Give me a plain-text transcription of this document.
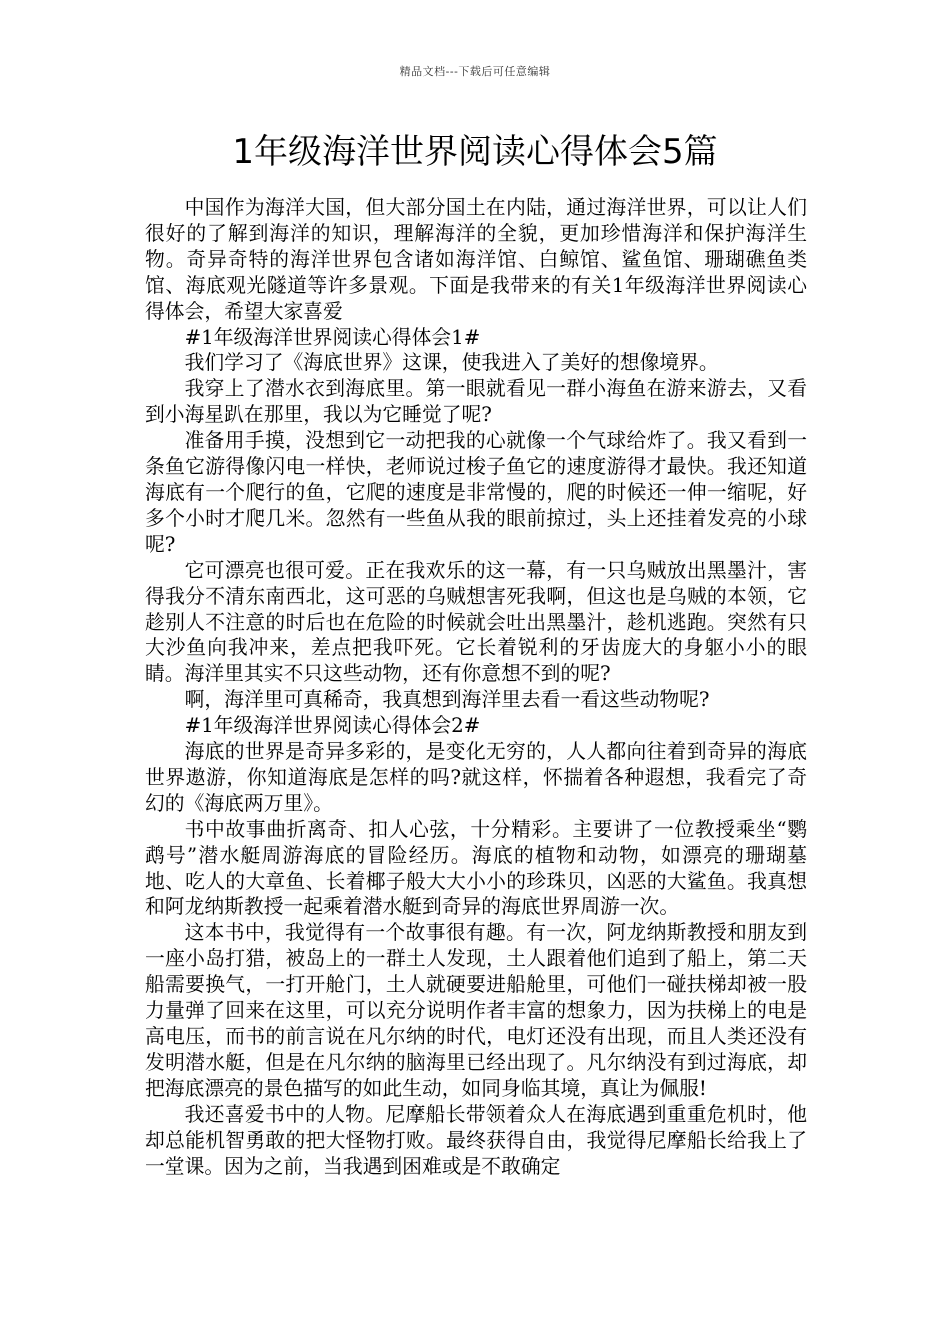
精品文档---下载后可任意编辑
1年级海洋世界阅读心得体会5篇

中国作为海洋大国，但大部分国土在内陆，通过海洋世界，可以让人们很好的了解到海洋的知识，理解海洋的全貌，更加珍惜海洋和保护海洋生物。奇异奇特的海洋世界包含诸如海洋馆、白鲸馆、鲨鱼馆、珊瑚礁鱼类馆、海底观光隧道等许多景观。下面是我带来的有关1年级海洋世界阅读心得体会，希望大家喜爱

#1年级海洋世界阅读心得体会1#

我们学习了《海底世界》这课，使我进入了美好的想像境界。

我穿上了潜水衣到海底里。第一眼就看见一群小海鱼在游来游去，又看到小海星趴在那里，我以为它睡觉了呢?

准备用手摸，没想到它一动把我的心就像一个气球给炸了。我又看到一条鱼它游得像闪电一样快，老师说过梭子鱼它的速度游得才最快。我还知道海底有一个爬行的鱼，它爬的速度是非常慢的，爬的时候还一伸一缩呢，好多个小时才爬几米。忽然有一些鱼从我的眼前掠过，头上还挂着发亮的小球呢?

它可漂亮也很可爱。正在我欢乐的这一幕，有一只乌贼放出黑墨汁，害得我分不清东南西北，这可恶的乌贼想害死我啊，但这也是乌贼的本领，它趁别人不注意的时后也在危险的时候就会吐出黑墨汁，趁机逃跑。突然有只大沙鱼向我冲来，差点把我吓死。它长着锐利的牙齿庞大的身躯小小的眼睛。海洋里其实不只这些动物，还有你意想不到的呢?

啊，海洋里可真稀奇，我真想到海洋里去看一看这些动物呢?

#1年级海洋世界阅读心得体会2#

海底的世界是奇异多彩的，是变化无穷的，人人都向往着到奇异的海底世界遨游，你知道海底是怎样的吗?就这样，怀揣着各种遐想，我看完了奇幻的《海底两万里》。

书中故事曲折离奇、扣人心弦，十分精彩。主要讲了一位教授乘坐“鹦鹉号”潜水艇周游海底的冒险经历。海底的植物和动物，如漂亮的珊瑚墓地、吃人的大章鱼、长着椰子般大大小小的珍珠贝，凶恶的大鲨鱼。我真想和阿龙纳斯教授一起乘着潜水艇到奇异的海底世界周游一次。

这本书中，我觉得有一个故事很有趣。有一次，阿龙纳斯教授和朋友到一座小岛打猎，被岛上的一群土人发现，土人跟着他们追到了船上，第二天船需要换气，一打开舱门，土人就硬要进船舱里，可他们一碰扶梯却被一股力量弹了回来在这里，可以充分说明作者丰富的想象力，因为扶梯上的电是高电压，而书的前言说在凡尔纳的时代，电灯还没有出现，而且人类还没有发明潜水艇，但是在凡尔纳的脑海里已经出现了。凡尔纳没有到过海底，却把海底漂亮的景色描写的如此生动，如同身临其境，真让为佩服!

我还喜爱书中的人物。尼摩船长带领着众人在海底遇到重重危机时，他却总能机智勇敢的把大怪物打败。最终获得自由，我觉得尼摩船长给我上了一堂课。因为之前，当我遇到困难或是不敢确定
